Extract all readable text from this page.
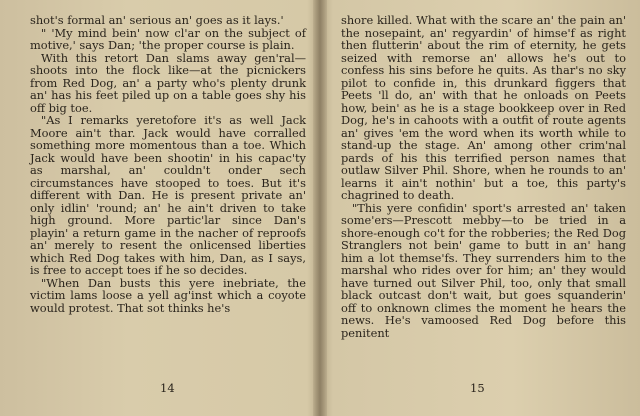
shot's formal an' serious an' goes as it lays.'

" 'My mind bein' now cl'ar on the subject of motive,' says Dan; 'the proper course is plain.

With this retort Dan slams away gen'ral—shoots into the flock like—at the picnickers from Red Dog, an' a party who's plenty drunk an' has his feet piled up on a table goes shy his off big toe.

"As I remarks yeretofore it's as well Jack Moore ain't thar. Jack would have corralled something more momentous than a toe. Which Jack would have been shootin' in his capac'ty as marshal, an' couldn't onder sech circumstances have stooped to toes. But it's different with Dan. He is present private an' only idlin' 'round; an' he ain't driven to take high ground. More partic'lar since Dan's playin' a return game in the nacher of reproofs an' merely to resent the onlicensed liberties which Red Dog takes with him, Dan, as I says, is free to accept toes if he so decides.

"When Dan busts this yere inebriate, the victim lams loose a yell ag'inst which a coyote would protest. That sot thinks he's

14

shore killed. What with the scare an' the pain an' the nosepaint, an' regyardin' of himse'f as right then flutterin' about the rim of eternity, he gets seized with remorse an' allows he's out to confess his sins before he quits. As thar's no sky pilot to confide in, this drunkard figgers that Peets 'll do, an' with that he onloads on Peets how, bein' as he is a stage bookkeep over in Red Dog, he's in cahoots with a outfit of route agents an' gives 'em the word when its worth while to stand-up the stage. An' among other crim'nal pards of his this terrified person names that outlaw Silver Phil. Shore, when he rounds to an' learns it ain't nothin' but a toe, this party's chagrined to death.

"This yere confidin' sport's arrested an' taken some'ers—Prescott mebby—to be tried in a shore-enough co't for the robberies; the Red Dog Stranglers not bein' game to butt in an' hang him a lot themse'fs. They surrenders him to the marshal who rides over for him; an' they would have turned out Silver Phil, too, only that small black outcast don't wait, but goes squanderin' off to onknown climes the moment he hears the news. He's vamoosed Red Dog before this penitent

15
